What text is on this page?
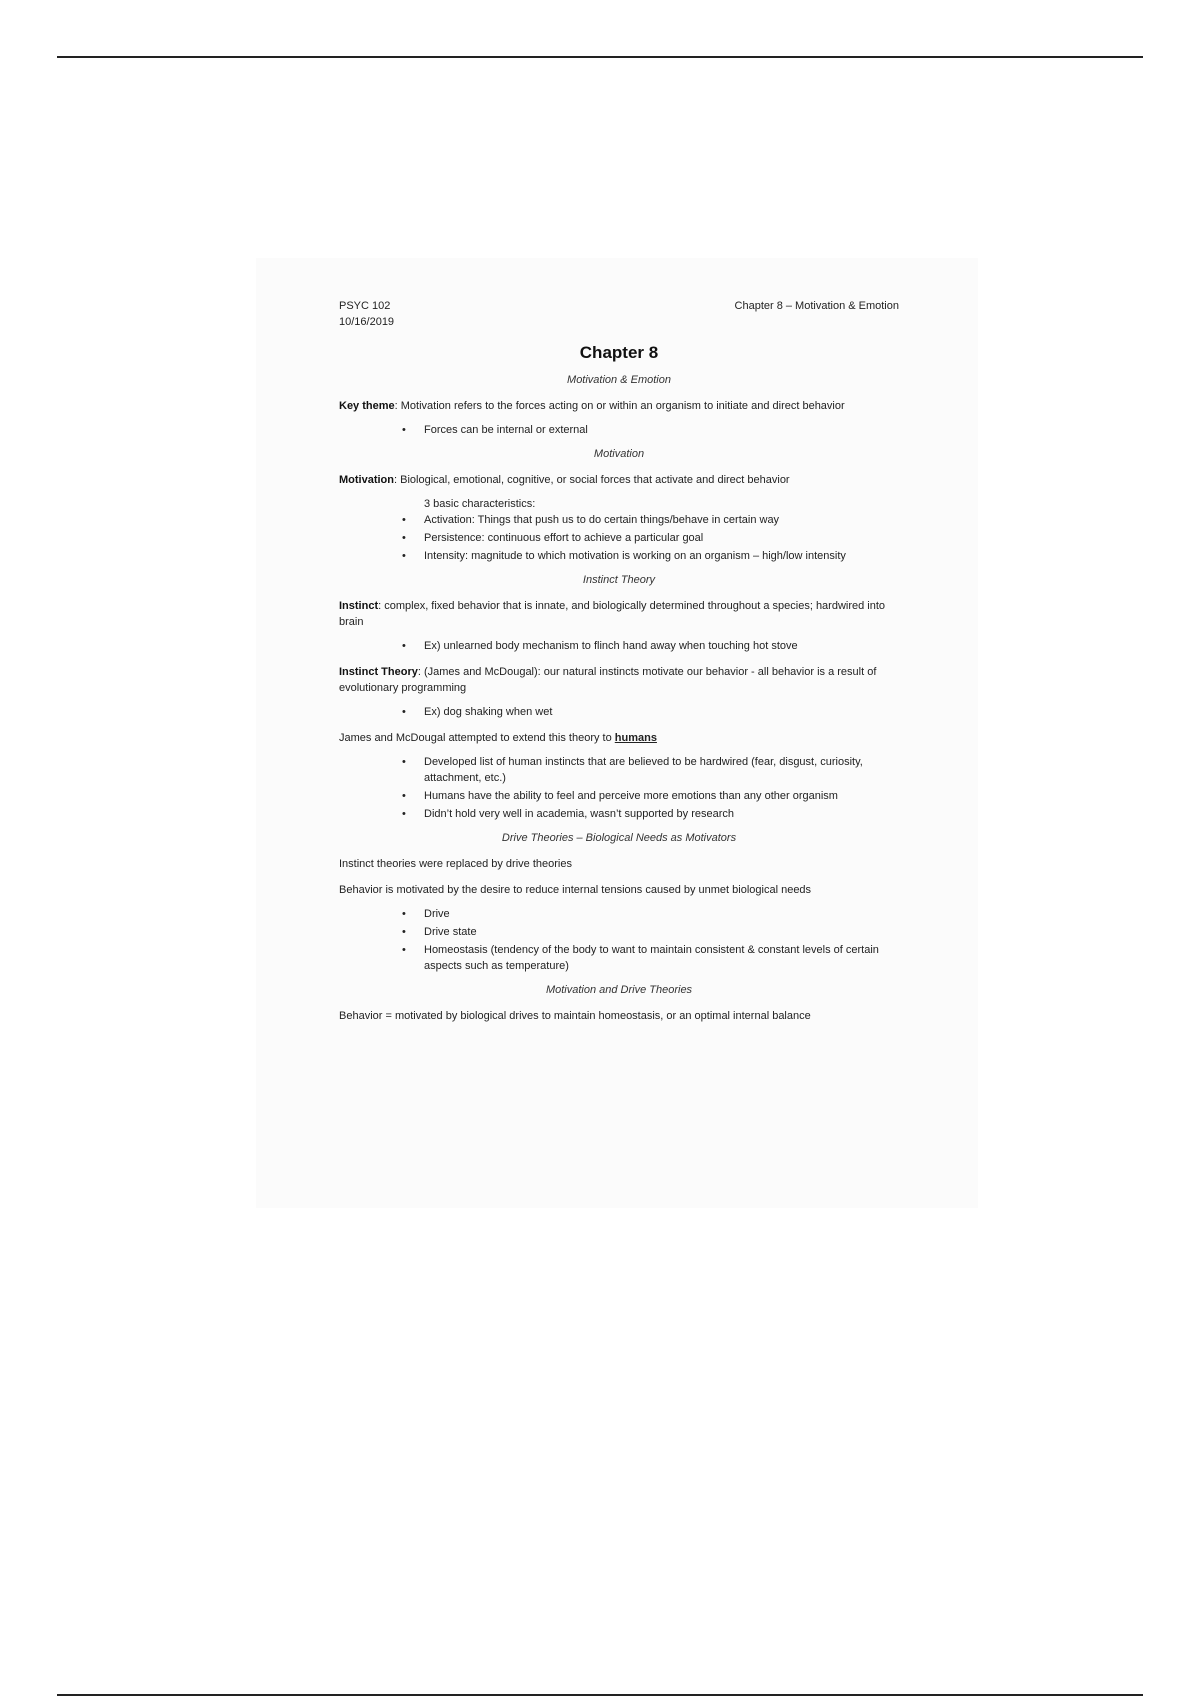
PSYC 102
10/16/2019
Chapter 8 – Motivation & Emotion
Chapter 8
Motivation & Emotion

Key theme: Motivation refers to the forces acting on or within an organism to initiate and direct behavior

• Forces can be internal or external
Motivation

Motivation: Biological, emotional, cognitive, or social forces that activate and direct behavior

3 basic characteristics:
• Activation: Things that push us to do certain things/behave in certain way
• Persistence: continuous effort to achieve a particular goal
• Intensity: magnitude to which motivation is working on an organism – high/low intensity
Instinct Theory

Instinct: complex, fixed behavior that is innate, and biologically determined throughout a species; hardwired into brain

• Ex) unlearned body mechanism to flinch hand away when touching hot stove

Instinct Theory: (James and McDougal): our natural instincts motivate our behavior - all behavior is a result of evolutionary programming

• Ex) dog shaking when wet

James and McDougal attempted to extend this theory to humans

• Developed list of human instincts that are believed to be hardwired (fear, disgust, curiosity, attachment, etc.)
• Humans have the ability to feel and perceive more emotions than any other organism
• Didn’t hold very well in academia, wasn’t supported by research
Drive Theories – Biological Needs as Motivators

Instinct theories were replaced by drive theories

Behavior is motivated by the desire to reduce internal tensions caused by unmet biological needs

• Drive
• Drive state
• Homeostasis (tendency of the body to want to maintain consistent & constant levels of certain aspects such as temperature)
Motivation and Drive Theories

Behavior = motivated by biological drives to maintain homeostasis, or an optimal internal balance
